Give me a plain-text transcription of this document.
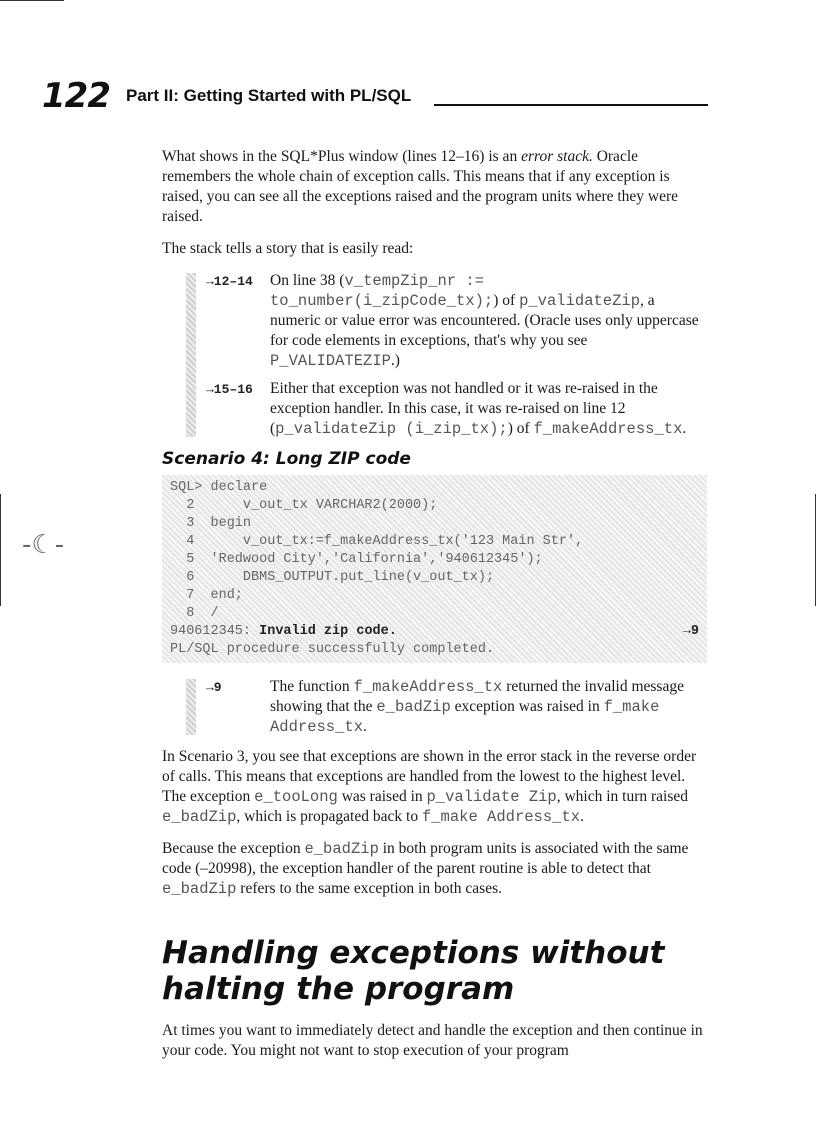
-☾-
122 Part II: Getting Started with PL/SQL

What shows in the SQL*Plus window (lines 12–16) is an error stack. Oracle remembers the whole chain of exception calls. This means that if any exception is raised, you can see all the exceptions raised and the program units where they were raised.

The stack tells a story that is easily read:

→12–14	On line 38 (v_tempZip_nr := to_number(i_zipCode_tx);) of p_validateZip, a numeric or value error was encountered. (Oracle uses only uppercase for code elements in exceptions, that's why you see P_VALIDATEZIP.)
→15–16	Either that exception was not handled or it was re-raised in the exception handler. In this case, it was re-raised on line 12 (p_validateZip (i_zip_tx);) of f_makeAddress_tx.
Scenario 4: Long ZIP code
SQL> declare
2      v_out_tx VARCHAR2(2000);
3  begin
4      v_out_tx:=f_makeAddress_tx('123 Main Str',
5  'Redwood City','California','940612345');
6      DBMS_OUTPUT.put_line(v_out_tx);
7  end;
8  /
940612345: Invalid zip code.	→9
PL/SQL procedure successfully completed.
→9	The function f_makeAddress_tx returned the invalid message showing that the e_badZip exception was raised in f_make Address_tx.

In Scenario 3, you see that exceptions are shown in the error stack in the reverse order of calls. This means that exceptions are handled from the lowest to the highest level. The exception e_tooLong was raised in p_validate Zip, which in turn raised e_badZip, which is propagated back to f_make Address_tx.

Because the exception e_badZip in both program units is associated with the same code (–20998), the exception handler of the parent routine is able to detect that e_badZip refers to the same exception in both cases.

Handling exceptions without
halting the program

At times you want to immediately detect and handle the exception and then continue in your code. You might not want to stop execution of your program
